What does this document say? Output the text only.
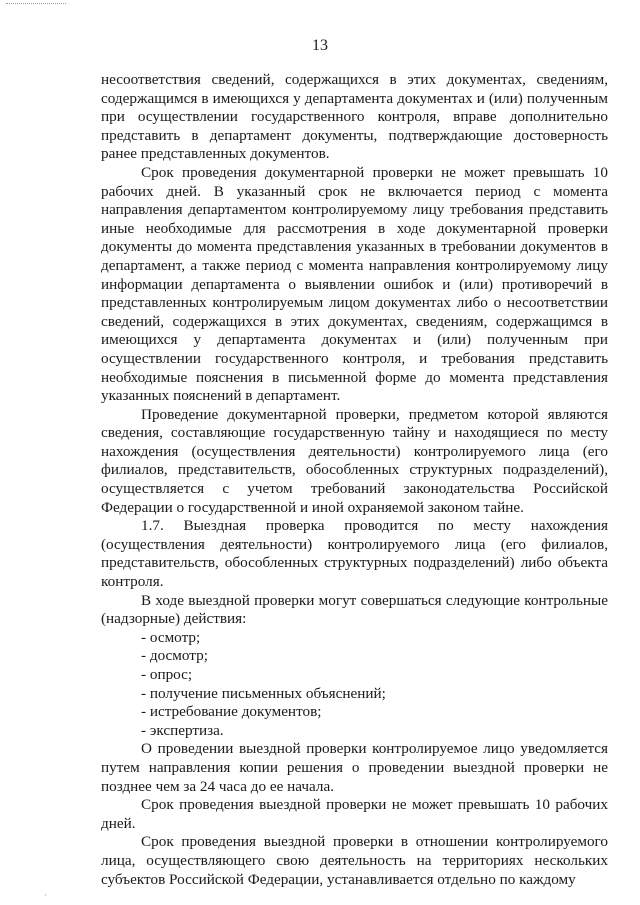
13

несоответствия сведений, содержащихся в этих документах, сведениям, содержащимся в имеющихся у департамента документах и (или) полученным при осуществлении государственного контроля, вправе дополнительно представить в департамент документы, подтверждающие достоверность ранее представленных документов.

Срок проведения документарной проверки не может превышать 10 рабочих дней. В указанный срок не включается период с момента направления департаментом контролируемому лицу требования представить иные необходимые для рассмотрения в ходе документарной проверки документы до момента представления указанных в требовании документов в департамент, а также период с момента направления контролируемому лицу информации департамента о выявлении ошибок и (или) противоречий в представленных контролируемым лицом документах либо о несоответствии сведений, содержащихся в этих документах, сведениям, содержащимся в имеющихся у департамента документах и (или) полученным при осуществлении государственного контроля, и требования представить необходимые пояснения в письменной форме до момента представления указанных пояснений в департамент.

Проведение документарной проверки, предметом которой являются сведения, составляющие государственную тайну и находящиеся по месту нахождения (осуществления деятельности) контролируемого лица (его филиалов, представительств, обособленных структурных подразделений), осуществляется с учетом требований законодательства Российской Федерации о государственной и иной охраняемой законом тайне.

1.7. Выездная проверка проводится по месту нахождения (осуществления деятельности) контролируемого лица (его филиалов, представительств, обособленных структурных подразделений) либо объекта контроля.

В ходе выездной проверки могут совершаться следующие контрольные (надзорные) действия:

- осмотр;
- досмотр;
- опрос;
- получение письменных объяснений;
- истребование документов;
- экспертиза.

О проведении выездной проверки контролируемое лицо уведомляется путем направления копии решения о проведении выездной проверки не позднее чем за 24 часа до ее начала.

Срок проведения выездной проверки не может превышать 10 рабочих дней.

Срок проведения выездной проверки в отношении контролируемого лица, осуществляющего свою деятельность на территориях нескольких субъектов Российской Федерации, устанавливается отдельно по каждому

·
